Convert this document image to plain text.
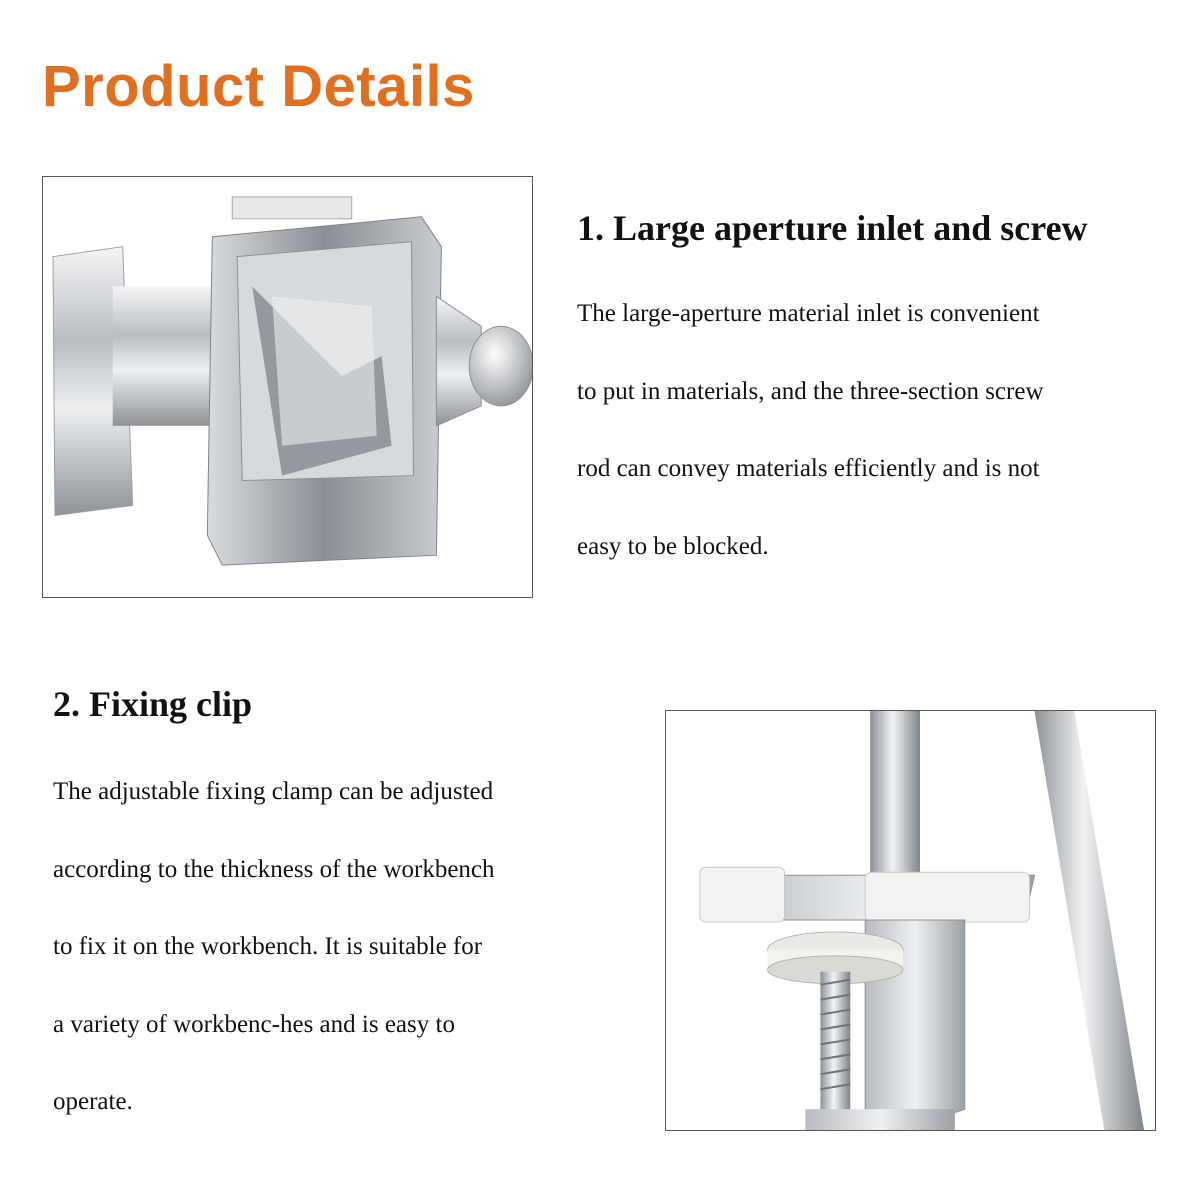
Product Details
1. Large aperture inlet and screw
The large-aperture material inlet is convenient
to put in materials, and the three-section screw
rod can convey materials efficiently and is not
easy to be blocked.
2. Fixing clip
The adjustable fixing clamp can be adjusted
according to the thickness of the workbench
to fix it on the workbench. It is suitable for
a variety of workbenc-hes and is easy to
operate.
